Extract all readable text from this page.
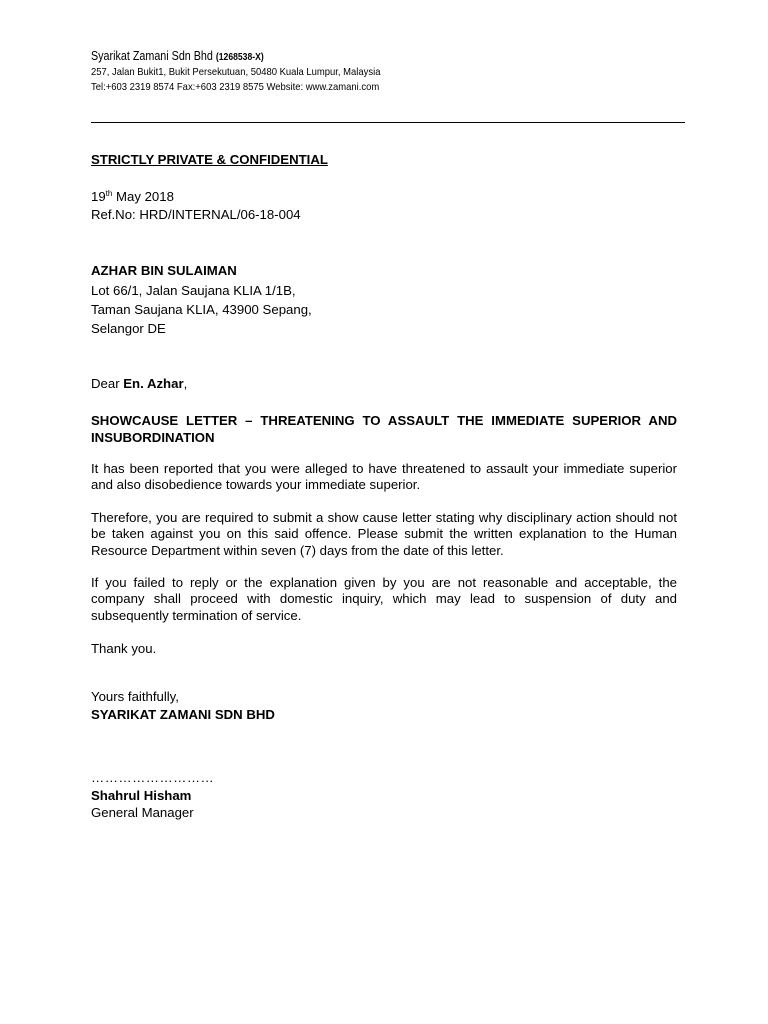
Syarikat Zamani Sdn Bhd (1268538-X)
257, Jalan Bukit1, Bukit Persekutuan, 50480 Kuala Lumpur, Malaysia
Tel:+603 2319 8574 Fax:+603 2319 8575 Website: www.zamani.com
STRICTLY PRIVATE & CONFIDENTIAL
19th May 2018
Ref.No: HRD/INTERNAL/06-18-004
AZHAR BIN SULAIMAN
Lot 66/1, Jalan Saujana KLIA 1/1B,
Taman Saujana KLIA, 43900 Sepang,
Selangor DE
Dear En. Azhar,
SHOWCAUSE LETTER – THREATENING TO ASSAULT THE IMMEDIATE SUPERIOR AND INSUBORDINATION
It has been reported that you were alleged to have threatened to assault your immediate superior and also disobedience towards your immediate superior.
Therefore, you are required to submit a show cause letter stating why disciplinary action should not be taken against you on this said offence. Please submit the written explanation to the Human Resource Department within seven (7) days from the date of this letter.
If you failed to reply or the explanation given by you are not reasonable and acceptable, the company shall proceed with domestic inquiry, which may lead to suspension of duty and subsequently termination of service.
Thank you.
Yours faithfully,
SYARIKAT ZAMANI SDN BHD
………………………
Shahrul Hisham
General Manager
